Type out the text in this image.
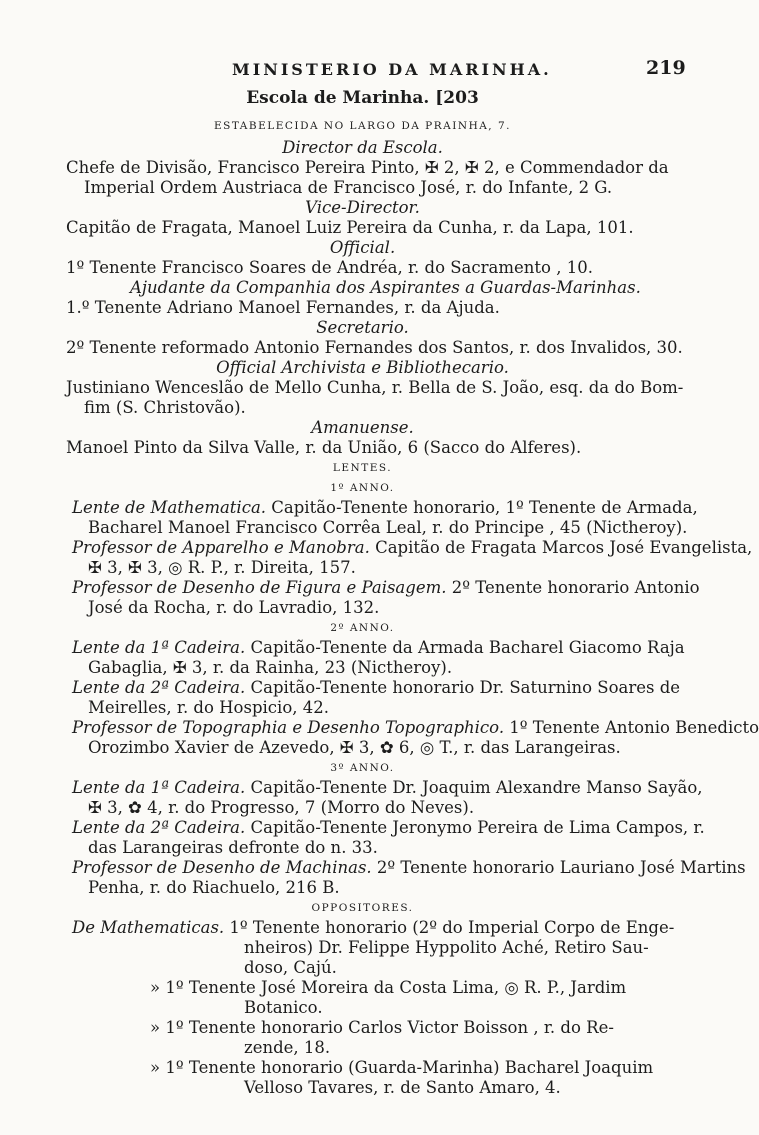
MINISTERIO DA MARINHA.	219
Escola de Marinha. [203
ESTABELECIDA NO LARGO DA PRAINHA, 7.
Director da Escola.
Chefe de Divisão, Francisco Pereira Pinto, ✠ 2, ✠ 2, e Commendador da
Imperial Ordem Austriaca de Francisco José, r. do Infante, 2 G.
Vice-Director.
Capitão de Fragata, Manoel Luiz Pereira da Cunha, r. da Lapa, 101.
Official.
1º Tenente Francisco Soares de Andréa, r. do Sacramento , 10.
Ajudante da Companhia dos Aspirantes a Guardas-Marinhas.
1.º Tenente Adriano Manoel Fernandes, r. da Ajuda.
Secretario.
2º Tenente reformado Antonio Fernandes dos Santos, r. dos Invalidos, 30.
Official Archivista e Bibliothecario.
Justiniano Wenceslão de Mello Cunha, r. Bella de S. João, esq. da do Bom-
fim (S. Christovão).
Amanuense.
Manoel Pinto da Silva Valle, r. da União, 6 (Sacco do Alferes).
LENTES.
1º ANNO.
Lente de Mathematica. Capitão-Tenente honorario, 1º Tenente de Armada,
Bacharel Manoel Francisco Corrêa Leal, r. do Principe , 45 (Nictheroy).
Professor de Apparelho e Manobra. Capitão de Fragata Marcos José Evangelista,
✠ 3, ✠ 3, ◎ R. P., r. Direita, 157.
Professor de Desenho de Figura e Paisagem. 2º Tenente honorario Antonio
José da Rocha, r. do Lavradio, 132.
2º ANNO.
Lente da 1ª Cadeira. Capitão-Tenente da Armada Bacharel Giacomo Raja
Gabaglia, ✠ 3, r. da Rainha, 23 (Nictheroy).
Lente da 2ª Cadeira. Capitão-Tenente honorario Dr. Saturnino Soares de
Meirelles, r. do Hospicio, 42.
Professor de Topographia e Desenho Topographico. 1º Tenente Antonio Benedicto
Orozimbo Xavier de Azevedo, ✠ 3, ✿ 6, ◎ T., r. das Larangeiras.
3º ANNO.
Lente da 1ª Cadeira. Capitão-Tenente Dr. Joaquim Alexandre Manso Sayão,
✠ 3, ✿ 4, r. do Progresso, 7 (Morro do Neves).
Lente da 2ª Cadeira. Capitão-Tenente Jeronymo Pereira de Lima Campos, r.
das Larangeiras defronte do n. 33.
Professor de Desenho de Machinas. 2º Tenente honorario Lauriano José Martins
Penha, r. do Riachuelo, 216 B.
OPPOSITORES.
De Mathematicas. 1º Tenente honorario (2º do Imperial Corpo de Enge-
nheiros) Dr. Felippe Hyppolito Aché, Retiro Sau-
doso, Cajú.
» 1º Tenente José Moreira da Costa Lima, ◎ R. P., Jardim
Botanico.
» 1º Tenente honorario Carlos Victor Boisson , r. do Re-
zende, 18.
» 1º Tenente honorario (Guarda-Marinha) Bacharel Joaquim
Velloso Tavares, r. de Santo Amaro, 4.
